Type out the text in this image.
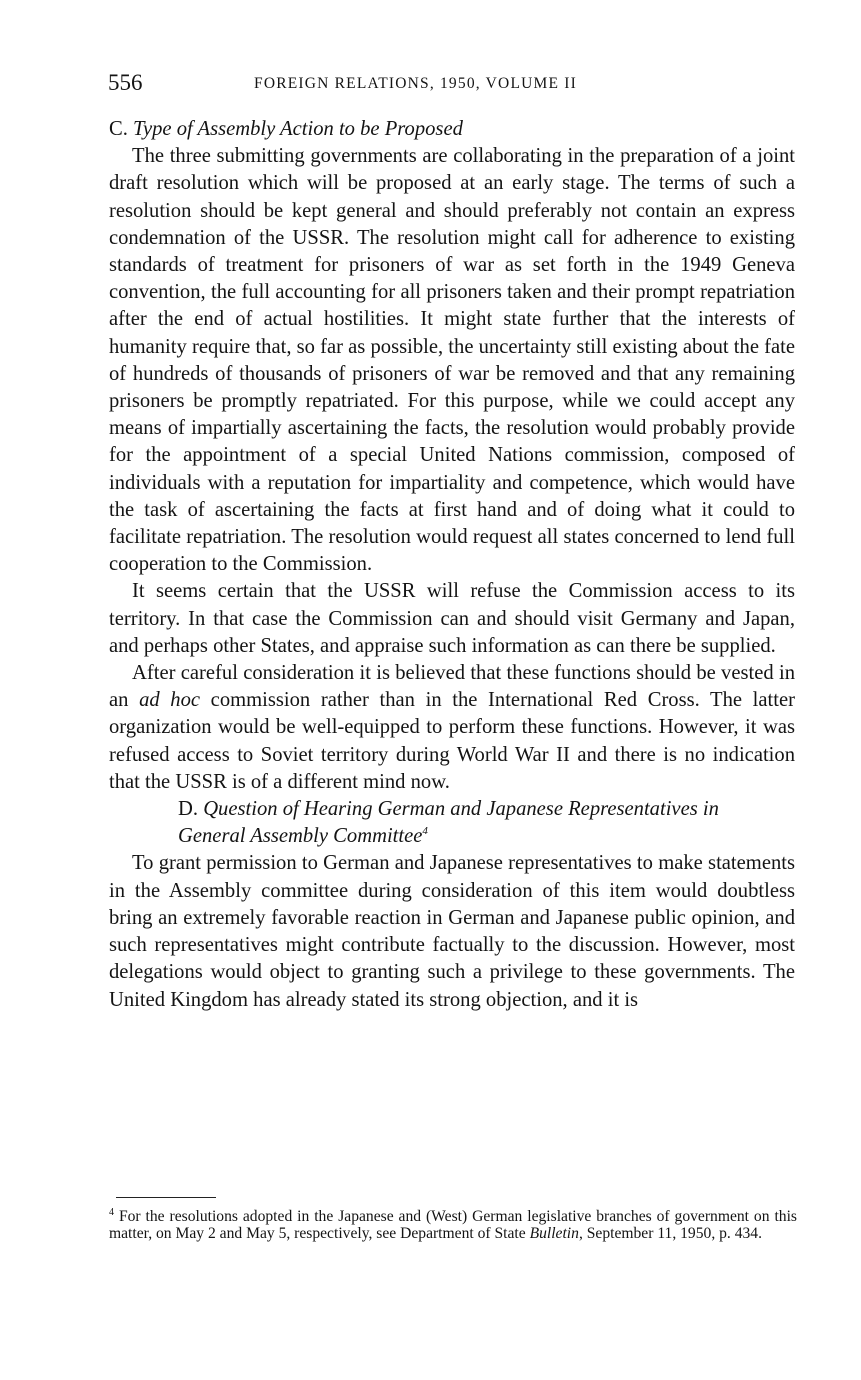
556	FOREIGN RELATIONS, 1950, VOLUME II

C. Type of Assembly Action to be Proposed

The three submitting governments are collaborating in the preparation of a joint draft resolution which will be proposed at an early stage. The terms of such a resolution should be kept general and should preferably not contain an express condemnation of the USSR. The resolution might call for adherence to existing standards of treatment for prisoners of war as set forth in the 1949 Geneva convention, the full accounting for all prisoners taken and their prompt repatriation after the end of actual hostilities. It might state further that the interests of humanity require that, so far as possible, the uncertainty still existing about the fate of hundreds of thousands of prisoners of war be removed and that any remaining prisoners be promptly repatriated. For this purpose, while we could accept any means of impartially ascertaining the facts, the resolution would probably provide for the appointment of a special United Nations commission, composed of individuals with a reputation for impartiality and competence, which would have the task of ascertaining the facts at first hand and of doing what it could to facilitate repatriation. The resolution would request all states concerned to lend full cooperation to the Commission.

It seems certain that the USSR will refuse the Commission access to its territory. In that case the Commission can and should visit Germany and Japan, and perhaps other States, and appraise such information as can there be supplied.

After careful consideration it is believed that these functions should be vested in an ad hoc commission rather than in the International Red Cross. The latter organization would be well-equipped to perform these functions. However, it was refused access to Soviet territory during World War II and there is no indication that the USSR is of a different mind now.

D. Question of Hearing German and Japanese Representatives in
General Assembly Committee$^4$

To grant permission to German and Japanese representatives to make statements in the Assembly committee during consideration of this item would doubtless bring an extremely favorable reaction in German and Japanese public opinion, and such representatives might contribute factually to the discussion. However, most delegations would object to granting such a privilege to these governments. The United Kingdom has already stated its strong objection, and it is

$^4$ For the resolutions adopted in the Japanese and (West) German legislative branches of government on this matter, on May 2 and May 5, respectively, see Department of State Bulletin, September 11, 1950, p. 434.
